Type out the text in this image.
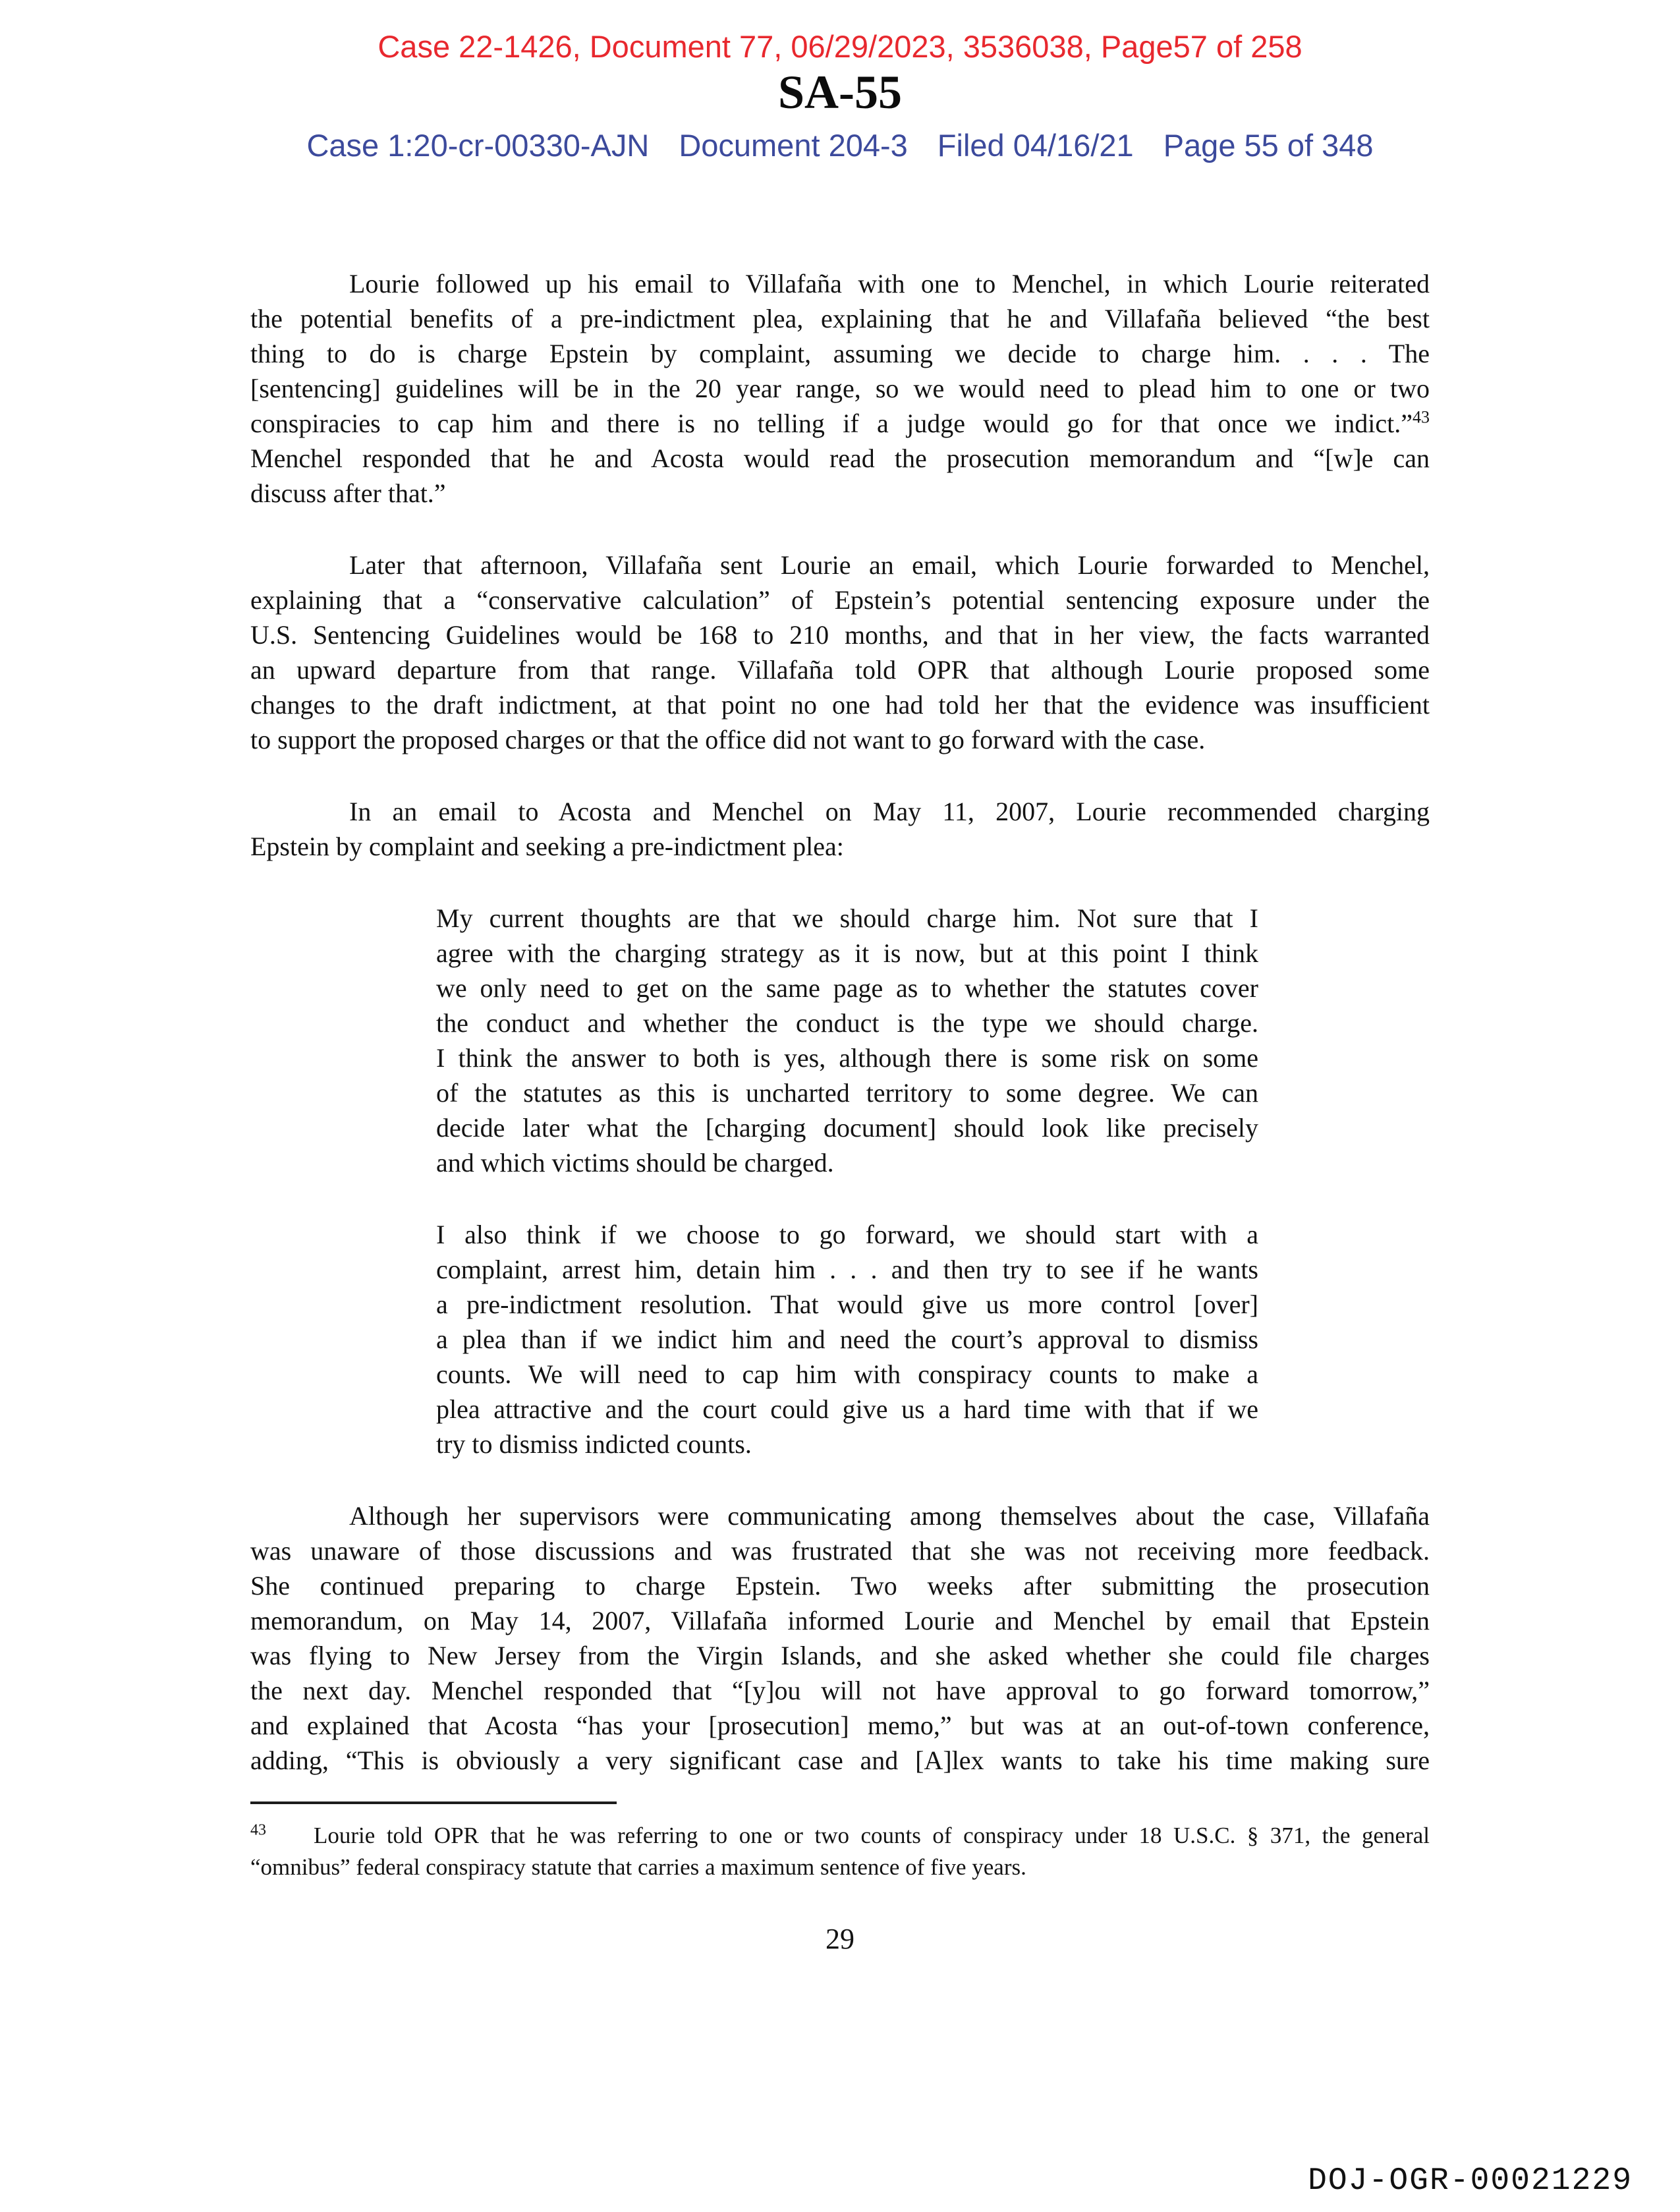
Case 22-1426, Document 77, 06/29/2023, 3536038, Page57 of 258
SA-55
Case 1:20-cr-00330-AJN Document 204-3 Filed 04/16/21 Page 55 of 348
Lourie followed up his email to Villafaña with one to Menchel, in which Lourie reiterated
the potential benefits of a pre-indictment plea, explaining that he and Villafaña believed “the best
thing to do is charge Epstein by complaint, assuming we decide to charge him. . . . The
[sentencing] guidelines will be in the 20 year range, so we would need to plead him to one or two
conspiracies to cap him and there is no telling if a judge would go for that once we indict.”$^{43}$
Menchel responded that he and Acosta would read the prosecution memorandum and “[w]e can
discuss after that.”
Later that afternoon, Villafaña sent Lourie an email, which Lourie forwarded to Menchel,
explaining that a “conservative calculation” of Epstein’s potential sentencing exposure under the
U.S. Sentencing Guidelines would be 168 to 210 months, and that in her view, the facts warranted
an upward departure from that range. Villafaña told OPR that although Lourie proposed some
changes to the draft indictment, at that point no one had told her that the evidence was insufficient
to support the proposed charges or that the office did not want to go forward with the case.
In an email to Acosta and Menchel on May 11, 2007, Lourie recommended charging
Epstein by complaint and seeking a pre-indictment plea:
My current thoughts are that we should charge him. Not sure that I
agree with the charging strategy as it is now, but at this point I think
we only need to get on the same page as to whether the statutes cover
the conduct and whether the conduct is the type we should charge.
I think the answer to both is yes, although there is some risk on some
of the statutes as this is uncharted territory to some degree. We can
decide later what the [charging document] should look like precisely
and which victims should be charged.
I also think if we choose to go forward, we should start with a
complaint, arrest him, detain him . . . and then try to see if he wants
a pre-indictment resolution. That would give us more control [over]
a plea than if we indict him and need the court’s approval to dismiss
counts. We will need to cap him with conspiracy counts to make a
plea attractive and the court could give us a hard time with that if we
try to dismiss indicted counts.
Although her supervisors were communicating among themselves about the case, Villafaña
was unaware of those discussions and was frustrated that she was not receiving more feedback.
She continued preparing to charge Epstein. Two weeks after submitting the prosecution
memorandum, on May 14, 2007, Villafaña informed Lourie and Menchel by email that Epstein
was flying to New Jersey from the Virgin Islands, and she asked whether she could file charges
the next day. Menchel responded that “[y]ou will not have approval to go forward tomorrow,”
and explained that Acosta “has your [prosecution] memo,” but was at an out-of-town conference,
adding, “This is obviously a very significant case and [A]lex wants to take his time making sure
$^{43}$ Lourie told OPR that he was referring to one or two counts of conspiracy under 18 U.S.C. § 371, the general
“omnibus” federal conspiracy statute that carries a maximum sentence of five years.
29
DOJ-OGR-00021229
